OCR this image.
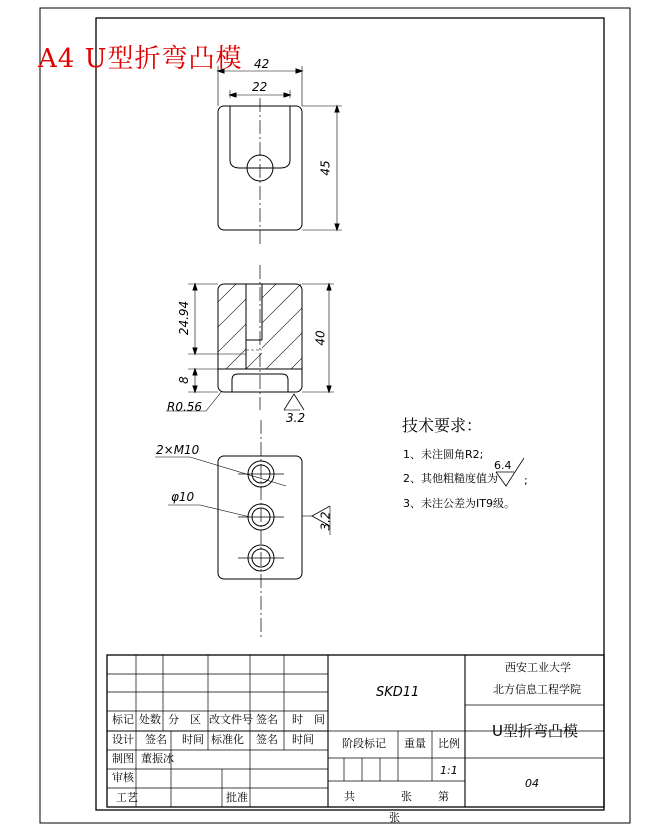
A4 U型折弯凸模 42
22
45
24.94
8
40
R0.56
3.2
2×M10
φ10
3.2
技术要求：
1、未注圆角R2;
2、其他粗糙度值为
6.4
;
3、未注公差为IT9级。
标记 处数 分　区 改文件号 签名 时　间
设计 签名 时间 标准化 签名 时间
制图 董振冰
审核
工艺	批准
SKD11
西安工业大学
北方信息工程学院
U型折弯凸模
04
阶段标记 重量 比例
1:1
共	张 第
张
